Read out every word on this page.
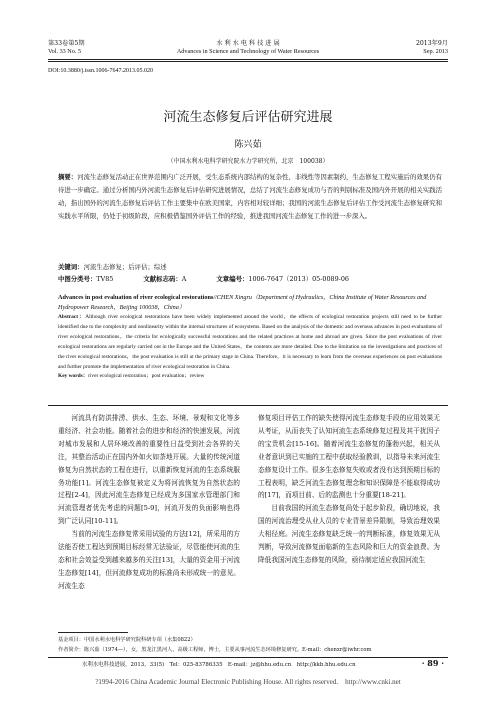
第33卷第5期	水 利 水 电 科 技 进 展	2013年9月
Vol. 33 No. 5	Advances in Science and Technology of Water Resources	Sep. 2013
DOI:10.3880/j.issn.1006-7647.2013.05.020
河流生态修复后评估研究进展
陈兴茹
（中国水利水电科学研究院水力学研究所，北京　100038）
摘要：河流生态修复活动正在世界范围内广泛开展，受生态系统内部结构的复杂性、非线性等因素制约，生态修复工程实施后的效果仍有待进一步确定。通过分析国内外河流生态修复后评估研究进展情况，总结了河流生态修复成功与否的判别标准及国内外开展的相关实践活动，指出国外的河流生态修复后评估工作主要集中在欧美国家，内容相对较详细；我国的河流生态修复后评估工作受河流生态修复研究和实践水平所限，仍处于初级阶段，应积极借鉴国外评估工作的经验，推进我国河流生态修复工作的进一步深入。
关键词：河流生态修复；后评估；综述
中图分类号：TV85	文献标志码：A	文章编号：1006-7647（2013）05-0089-06
Advances in post evaluation of river ecological restorations//CHEN Xingru（Department of Hydraulics，China Institute of Water Resources and Hydropower Research，Beijing 100038，China）
Abstract：Although river ecological restorations have been widely implemented around the world，the effects of ecological restoration projects still need to be further identified due to the complexity and nonlinearity within the internal structures of ecosystems. Based on the analysis of the domestic and overseas advances in post evaluations of river ecological restorations，the criteria for ecologically successful restorations and the related practices at home and abroad are given. Since the post evaluations of river ecological restorations are regularly carried out in the Europe and the United States，the contents are more detailed. Due to the limitation on the investigations and practices of the river ecological restorations，the post evaluation is still at the primary stage in China. Therefore，it is necessary to learn from the overseas experiences on post evaluations and further promote the implementation of river ecological restoration in China.
Key words：river ecological restoration；post evaluation；review

河流具有防洪排涝、供水、生态、环境、景观和文化等多重经济、社会功能。随着社会的进步和经济的快速发展，河流对城市发展和人居环境改善的重要性日益受到社会各界的关注，其整治活动正在国内外如火如荼地开展。大量的传统河道修复为自然状态的工程在进行，以重新恢复河流的生态系统服务功能[1]。河流生态修复被定义为将河流恢复为自然状态的过程[2-4]，因此河流生态修复已经成为多国家水管理部门和河流管理者优先考虑的问题[5-9]，河流开发的负面影响也得到广泛认同[10-11]。

当前的河流生态修复常采用试验的方法[12]，所采用的方法能否使工程达到预期目标经常无法验证，尽管能使河流的生态和社会效益受到越来越多的关注[13]，大量的资金用于河流生态修复[14]，但河流修复成功的标准尚未形成统一的意见。河流生态

修复项目评估工作的缺失使得河流生态修复手段的应用效果无从考证，从而丧失了认知河流生态系统修复过程及其干扰因子的宝贵机会[15-16]。随着河流生态修复的蓬勃兴起，相关从业者意识到已实施的工程中获取经验教训，以指导未来河流生态修复设计工作。很多生态修复失败或者没有达到预期目标的工程表明，缺乏河流生态修复理念和知识保障是不能取得成功的[17]，而项目前、后的监测也十分重要[18-21]。

目前我国的河流生态修复尚处于起步阶段，确切地说，我国的河流治理受从业人员的专业背景差异限制，导致治理效果大相径庭。河流生态修复缺乏统一的判断标准，修复效果无从判断，导致河流修复面临新的生态风险和巨大的资金浪费。为降低我国河流生态修复的风险，亟待制定适应我国河流生

基金项目：中国水利水电科学研究院科研专项（水集0822）
作者简介：陈兴茹（1974—），女，黑龙江黑河人，高级工程师，博士，主要从事河流生态环境修复研究。E-mail：chenxr@iwhr.com
水利水电科技进展，2013，33(5)　Tel：025-83786335　E-mail：jz@hhu.edu.cn　http://kkb.hhu.edu.cn	· 89 ·
?1994-2016 China Academic Journal Electronic Publishing House. All rights reserved.　http://www.cnki.net
